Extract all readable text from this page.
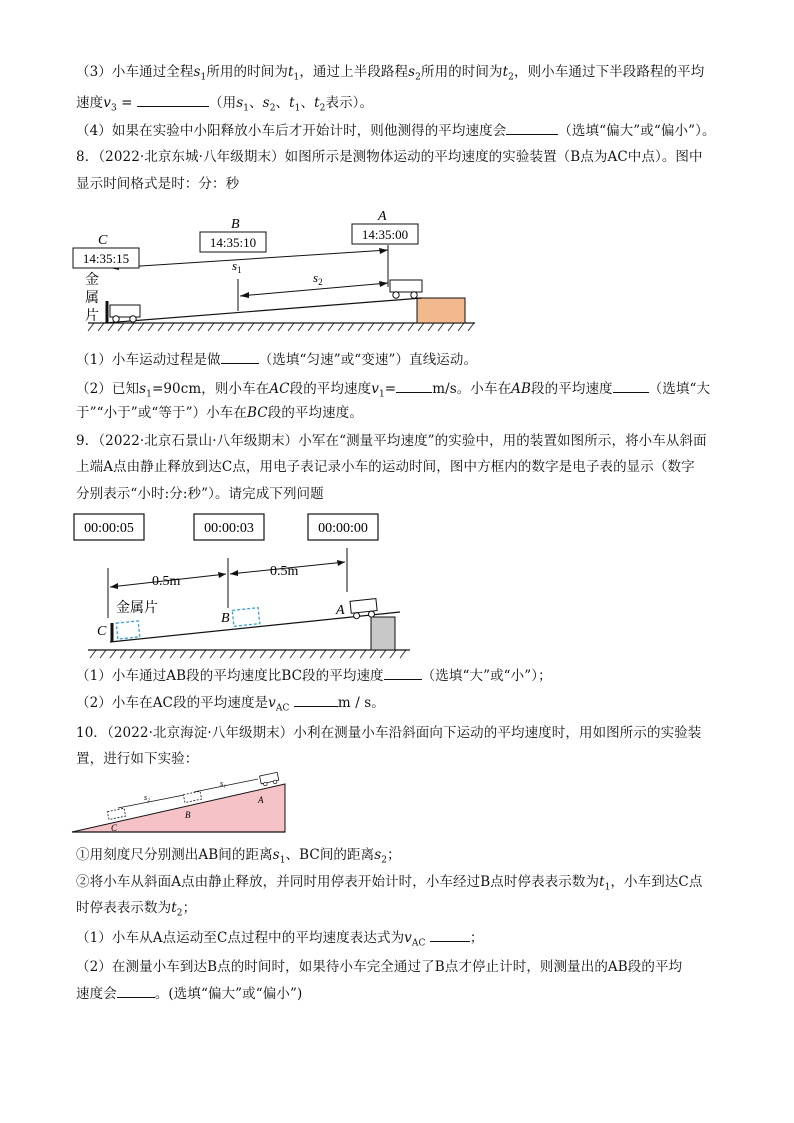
（3）小车通过全程$s_1$所用的时间为$t_1$，通过上半段路程$s_2$所用的时间为$t_2$，则小车通过下半段路程的平均
速度$v_3$ =	（用$s_1$、$s_2$、$t_1$、$t_2$表示）。
（4）如果在实验中小阳释放小车后才开始计时，则他测得的平均速度会	（选填“偏大”或“偏小”）。
8．（2022·北京东城·八年级期末）如图所示是测物体运动的平均速度的实验装置（B点为AC中点）。图中
显示时间格式是时：分：秒
14:35:15
14:35:10
14:35:00
C
B
A
$s_1$	$s_2$
金
属
片
（1）小车运动过程是做	（选填“匀速”或“变速”）直线运动。
（2）已知$s_1=90cm$，则小车在AC段的平均速度$v_1=$	m/s。小车在AB段的平均速度	（选填“大
于”“小于”或“等于”）小车在BC段的平均速度。
9．（2022·北京石景山·八年级期末）小军在“测量平均速度”的实验中，用的装置如图所示，将小车从斜面
上端A点由静止释放到达C点，用电子表记录小车的运动时间，图中方框内的数字是电子表的显示（数字
分别表示“小时:分:秒”）。请完成下列问题
00:00:05	00:00:03	00:00:00
0.5m
0.5m
金属片
C
B
A
（1）小车通过AB段的平均速度比BC段的平均速度	（选填“大”或“小”）；
（2）小车在AC段的平均速度是$v_{AC}$	m / s。
10．（2022·北京海淀·八年级期末）小利在测量小车沿斜面向下运动的平均速度时，用如图所示的实验装
置，进行如下实验：
s₁
s₂	A
B
C
①用刻度尺分别测出AB间的距离$s_1$、BC间的距离$s_2$；
②将小车从斜面A点由静止释放，并同时用停表开始计时，小车经过B点时停表表示数为$t_1$，小车到达C点
时停表表示数为$t_2$；
（1）小车从A点运动至C点过程中的平均速度表达式为$v_{AC}$	；
（2）在测量小车到达B点的时间时，如果待小车完全通过了B点才停止计时，则测量出的AB段的平均
速度会	。(选填“偏大”或“偏小”)
